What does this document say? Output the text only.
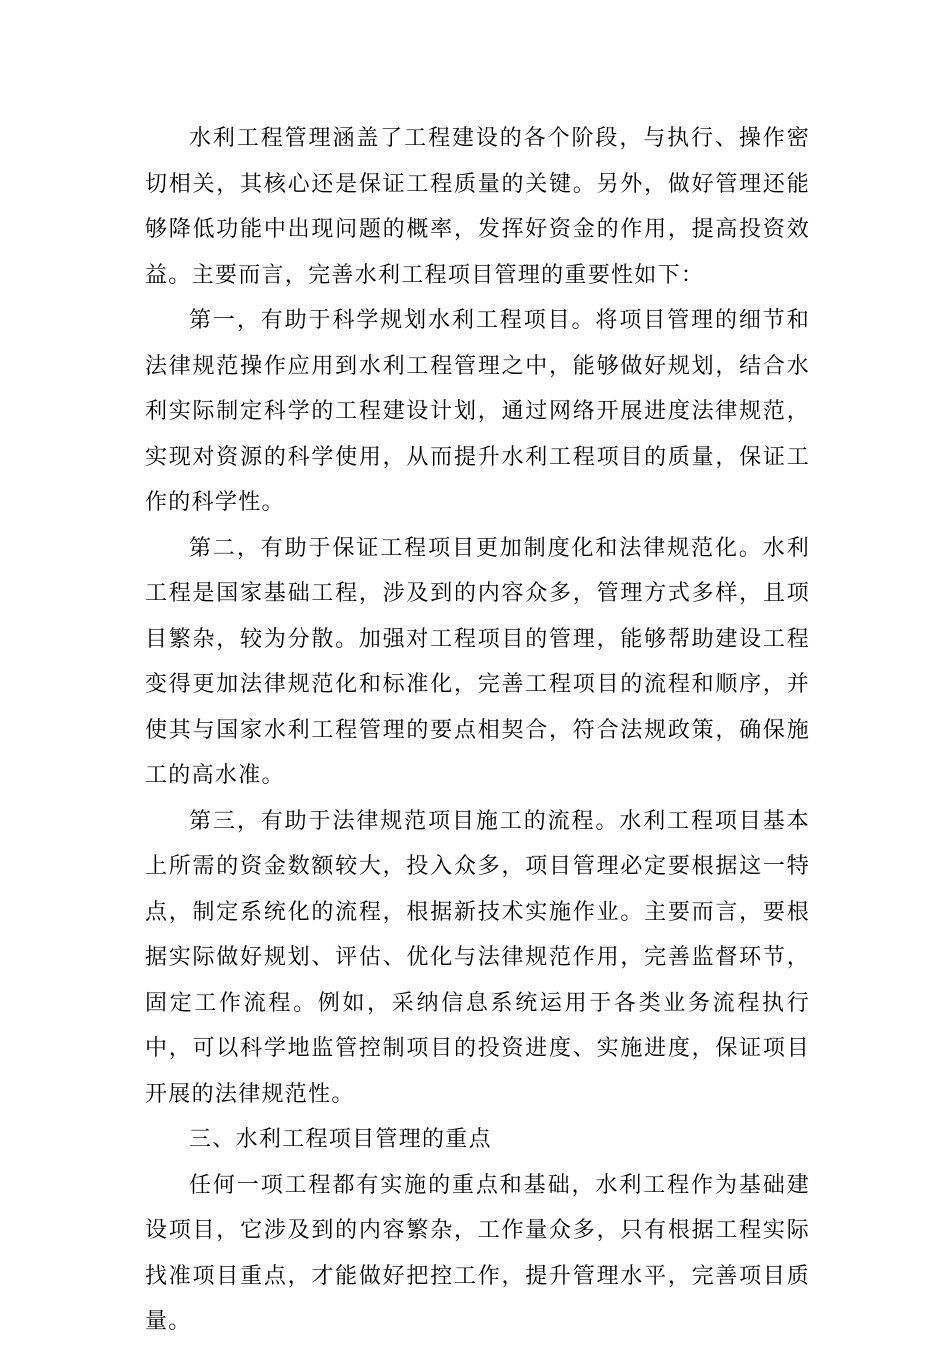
水利工程管理涵盖了工程建设的各个阶段，与执行、操作密切相关，其核心还是保证工程质量的关键。另外，做好管理还能够降低功能中出现问题的概率，发挥好资金的作用，提高投资效益。主要而言，完善水利工程项目管理的重要性如下：

第一，有助于科学规划水利工程项目。将项目管理的细节和法律规范操作应用到水利工程管理之中，能够做好规划，结合水利实际制定科学的工程建设计划，通过网络开展进度法律规范，实现对资源的科学使用，从而提升水利工程项目的质量，保证工作的科学性。

第二，有助于保证工程项目更加制度化和法律规范化。水利工程是国家基础工程，涉及到的内容众多，管理方式多样，且项目繁杂，较为分散。加强对工程项目的管理，能够帮助建设工程变得更加法律规范化和标准化，完善工程项目的流程和顺序，并使其与国家水利工程管理的要点相契合，符合法规政策，确保施工的高水准。

第三，有助于法律规范项目施工的流程。水利工程项目基本上所需的资金数额较大，投入众多，项目管理必定要根据这一特点，制定系统化的流程，根据新技术实施作业。主要而言，要根据实际做好规划、评估、优化与法律规范作用，完善监督环节，固定工作流程。例如，采纳信息系统运用于各类业务流程执行中，可以科学地监管控制项目的投资进度、实施进度，保证项目开展的法律规范性。

三、水利工程项目管理的重点

任何一项工程都有实施的重点和基础，水利工程作为基础建设项目，它涉及到的内容繁杂，工作量众多，只有根据工程实际找准项目重点，才能做好把控工作，提升管理水平，完善项目质量。
